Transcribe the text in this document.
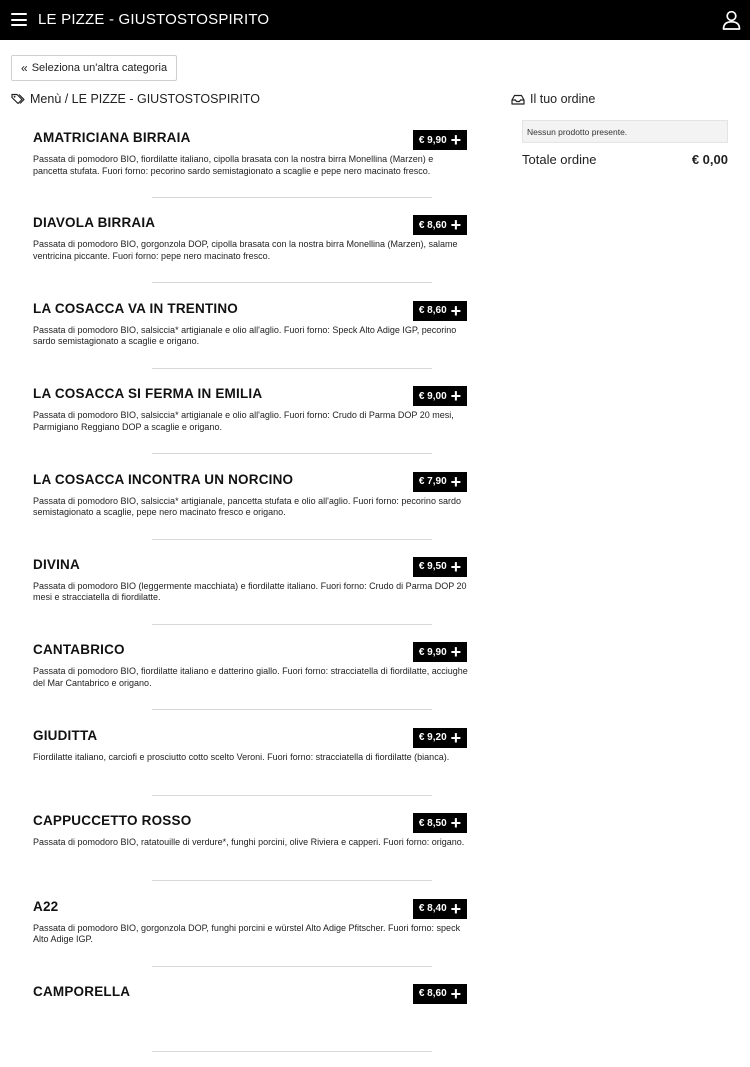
LE PIZZE - GIUSTOSTOSPIRITO
« Seleziona un'altra categoria
Menù / LE PIZZE - GIUSTOSTOSPIRITO	Il tuo ordine
Nessun prodotto presente.
Totale ordine	€ 0,00
AMATRICIANA BIRRAIA	€ 9,90 +
Passata di pomodoro BIO, fiordilatte italiano, cipolla brasata con la nostra birra Monellina (Marzen) e pancetta stufata. Fuori forno: pecorino sardo semistagionato a scaglie e pepe nero macinato fresco.
DIAVOLA BIRRAIA	€ 8,60 +
Passata di pomodoro BIO, gorgonzola DOP, cipolla brasata con la nostra birra Monellina (Marzen), salame ventricina piccante. Fuori forno: pepe nero macinato fresco.
LA COSACCA VA IN TRENTINO	€ 8,60 +
Passata di pomodoro BIO, salsiccia* artigianale e olio all'aglio. Fuori forno: Speck Alto Adige IGP, pecorino sardo semistagionato a scaglie e origano.
LA COSACCA SI FERMA IN EMILIA	€ 9,00 +
Passata di pomodoro BIO, salsiccia* artigianale e olio all'aglio. Fuori forno: Crudo di Parma DOP 20 mesi, Parmigiano Reggiano DOP a scaglie e origano.
LA COSACCA INCONTRA UN NORCINO	€ 7,90 +
Passata di pomodoro BIO, salsiccia* artigianale, pancetta stufata e olio all'aglio. Fuori forno: pecorino sardo semistagionato a scaglie, pepe nero macinato fresco e origano.
DIVINA	€ 9,50 +
Passata di pomodoro BIO (leggermente macchiata) e fiordilatte italiano. Fuori forno: Crudo di Parma DOP 20 mesi e stracciatella di fiordilatte.
CANTABRICO	€ 9,90 +
Passata di pomodoro BIO, fiordilatte italiano e datterino giallo. Fuori forno: stracciatella di fiordilatte, acciughe del Mar Cantabrico e origano.
GIUDITTA	€ 9,20 +
Fiordilatte italiano, carciofi e prosciutto cotto scelto Veroni. Fuori forno: stracciatella di fiordilatte (bianca).
CAPPUCCETTO ROSSO	€ 8,50 +
Passata di pomodoro BIO, ratatouille di verdure*, funghi porcini, olive Riviera e capperi. Fuori forno: origano.
A22	€ 8,40 +
Passata di pomodoro BIO, gorgonzola DOP, funghi porcini e würstel Alto Adige Pfitscher. Fuori forno: speck Alto Adige IGP.
CAMPORELLA	€ 8,60 +
